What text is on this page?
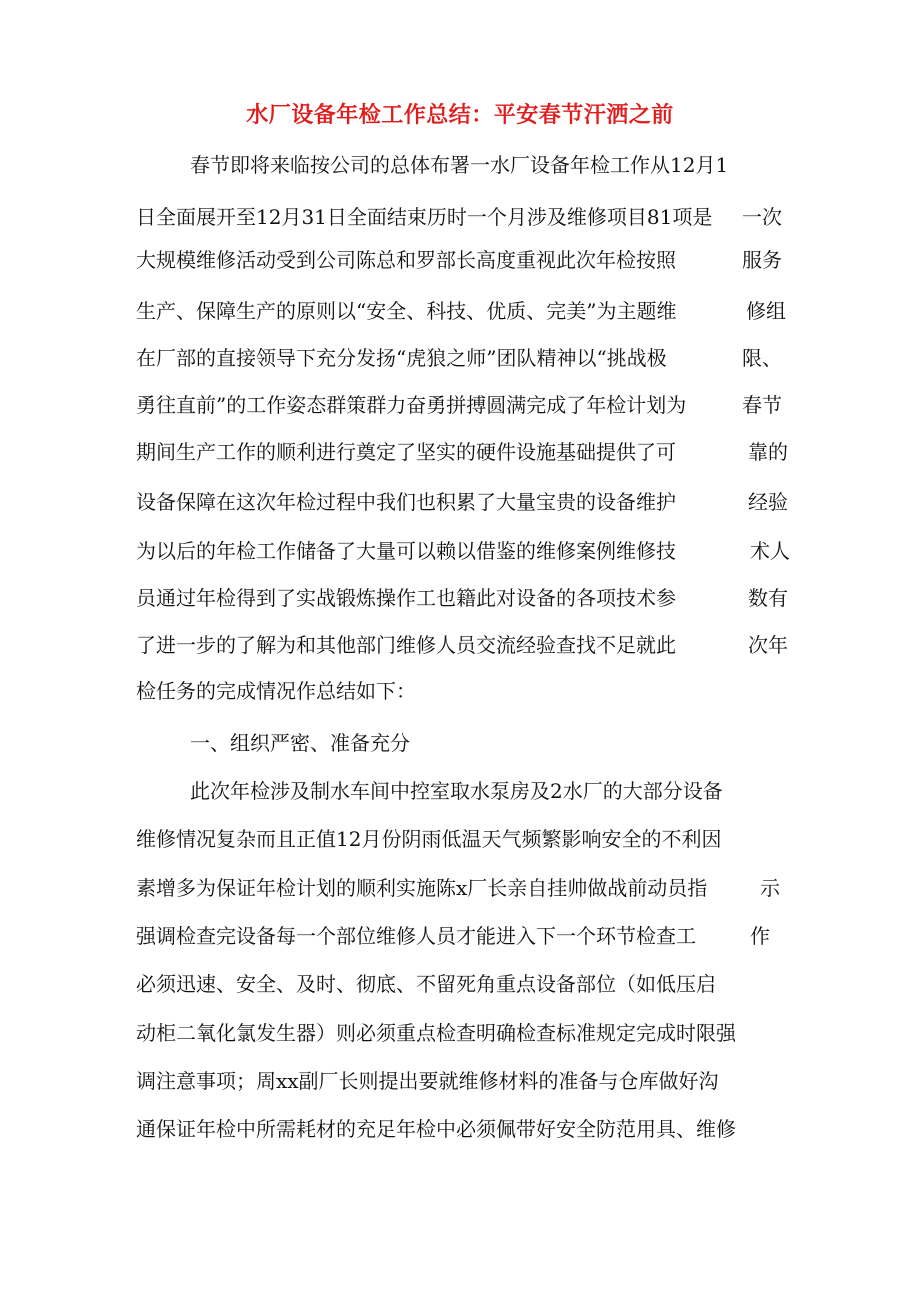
水厂设备年检工作总结：平安春节汗洒之前
春节即将来临按公司的总体布署一水厂设备年检工作从12月1
日全面展开至12月31日全面结束历时一个月涉及维修项目81项是 一次
大规模维修活动受到公司陈总和罗部长高度重视此次年检按照	服务
生产、保障生产的原则以“安全、科技、优质、完美”为主题维	修组
在厂部的直接领导下充分发扬“虎狼之师”团队精神以“挑战极	限、
勇往直前”的工作姿态群策群力奋勇拼搏圆满完成了年检计划为	春节
期间生产工作的顺利进行奠定了坚实的硬件设施基础提供了可	靠的
设备保障在这次年检过程中我们也积累了大量宝贵的设备维护	经验
为以后的年检工作储备了大量可以赖以借鉴的维修案例维修技	术人
员通过年检得到了实战锻炼操作工也籍此对设备的各项技术参	数有
了进一步的了解为和其他部门维修人员交流经验查找不足就此	次年
检任务的完成情况作总结如下：
一、组织严密、准备充分
此次年检涉及制水车间中控室取水泵房及2水厂的大部分设备
维修情况复杂而且正值12月份阴雨低温天气频繁影响安全的不利因
素增多为保证年检计划的顺利实施陈x厂长亲自挂帅做战前动员指	示
强调检查完设备每一个部位维修人员才能进入下一个环节检查工	作
必须迅速、安全、及时、彻底、不留死角重点设备部位（如低压启
动柜二氧化氯发生器）则必须重点检查明确检查标准规定完成时限强
调注意事项；周xx副厂长则提出要就维修材料的准备与仓库做好沟
通保证年检中所需耗材的充足年检中必须佩带好安全防范用具、维修
